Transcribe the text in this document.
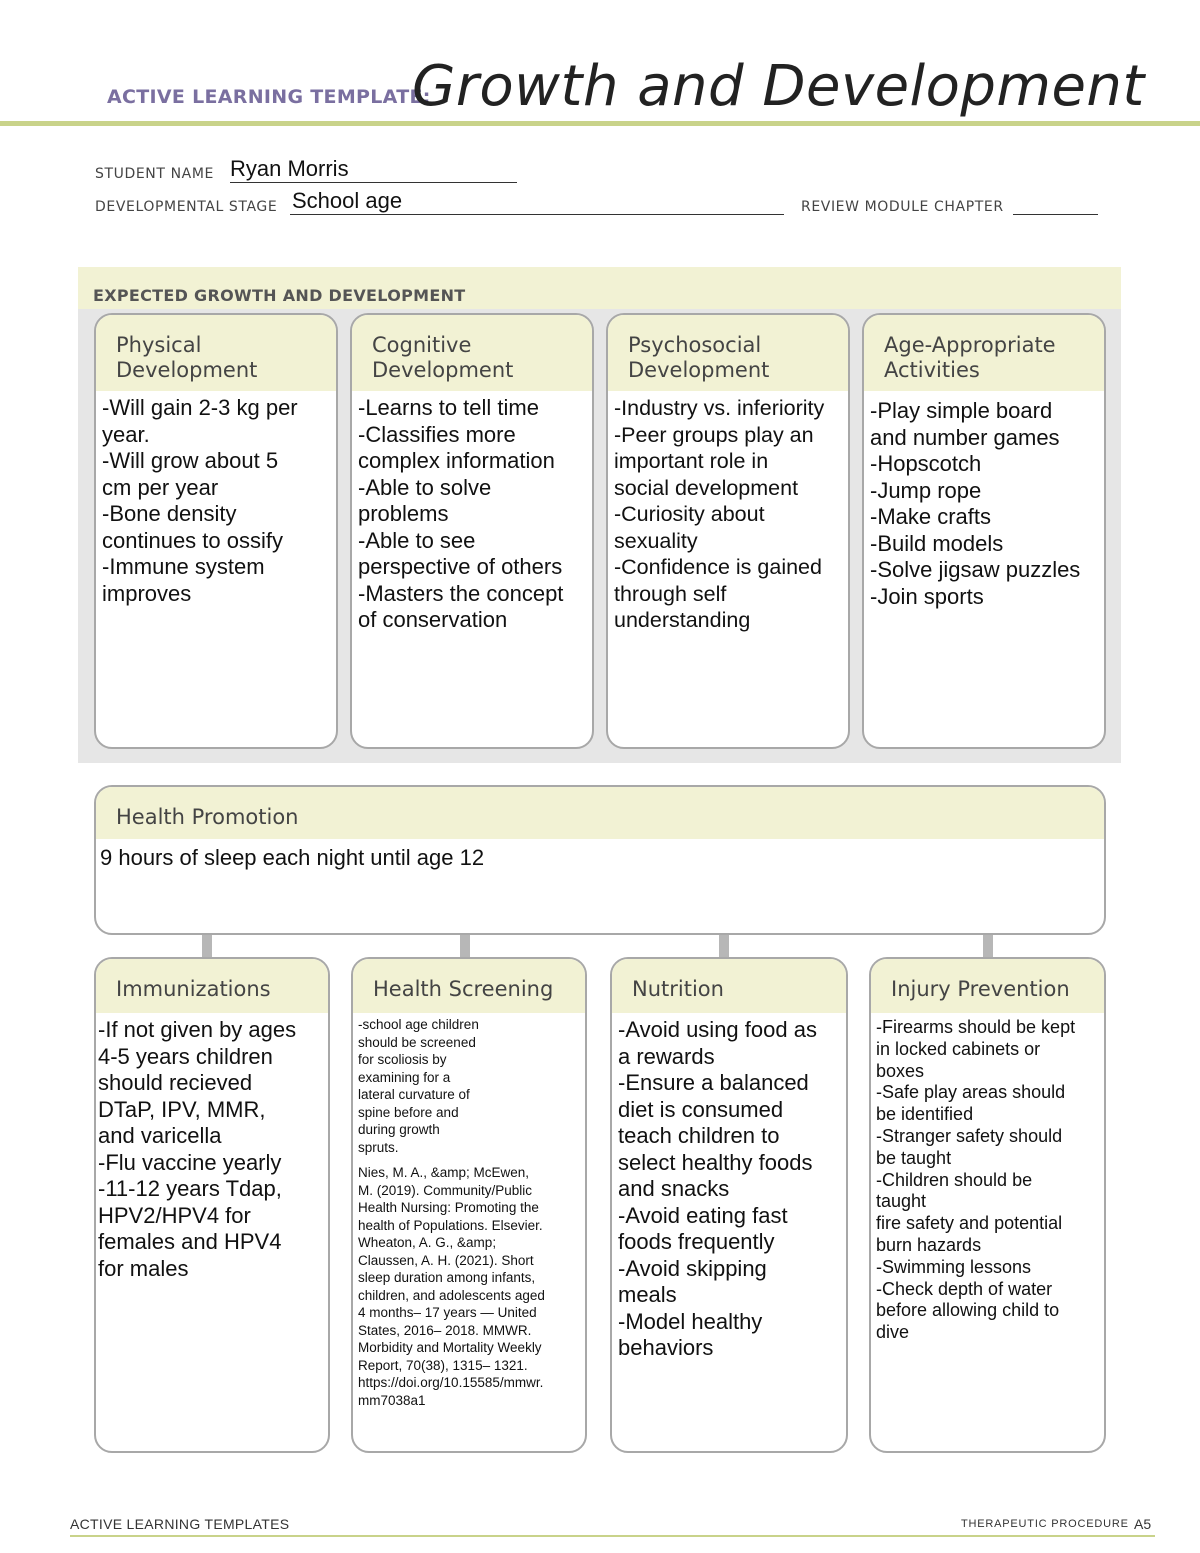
ACTIVE LEARNING TEMPLATE:
Growth and Development
STUDENT NAME Ryan Morris
DEVELOPMENTAL STAGE School age	REVIEW MODULE CHAPTER
EXPECTED GROWTH AND DEVELOPMENT
Physical
Development
-Will gain 2-3 kg per
year.
-Will grow about 5
cm per year
-Bone density
continues to ossify
-Immune system
improves
Cognitive
Development
-Learns to tell time
-Classifies more
complex information
-Able to solve
problems
-Able to see
perspective of others
-Masters the concept
of conservation
Psychosocial
Development
-Industry vs. inferiority
-Peer groups play an
important role in
social development
-Curiosity about
sexuality
-Confidence is gained
through self
understanding
Age-Appropriate
Activities
-Play simple board
and number games
-Hopscotch
-Jump rope
-Make crafts
-Build models
-Solve jigsaw puzzles
-Join sports
Health Promotion
9 hours of sleep each night until age 12
Immunizations
-If not given by ages
4-5 years children
should recieved
DTaP, IPV, MMR,
and varicella
-Flu vaccine yearly
-11-12 years Tdap,
HPV2/HPV4 for
females and HPV4
for males
Health Screening
-school age children
should be screened
for scoliosis by
examining for a
lateral curvature of
spine before and
during growth
spruts.
Nies, M. A., &amp; McEwen,
M. (2019). Community/Public
Health Nursing: Promoting the
health of Populations. Elsevier.
Wheaton, A. G., &amp;
Claussen, A. H. (2021). Short
sleep duration among infants,
children, and adolescents aged
4 months– 17 years — United
States, 2016– 2018. MMWR.
Morbidity and Mortality Weekly
Report, 70(38), 1315– 1321.
https://doi.org/10.15585/mmwr.
mm7038a1
Nutrition
-Avoid using food as
a rewards
-Ensure a balanced
diet is consumed
teach children to
select healthy foods
and snacks
-Avoid eating fast
foods frequently
-Avoid skipping
meals
-Model healthy
behaviors
Injury Prevention
-Firearms should be kept
in locked cabinets or
boxes
-Safe play areas should
be identified
-Stranger safety should
be taught
-Children should be
taught
fire safety and potential
burn hazards
-Swimming lessons
-Check depth of water
before allowing child to
dive
ACTIVE LEARNING TEMPLATES	THERAPEUTIC PROCEDURE A5
